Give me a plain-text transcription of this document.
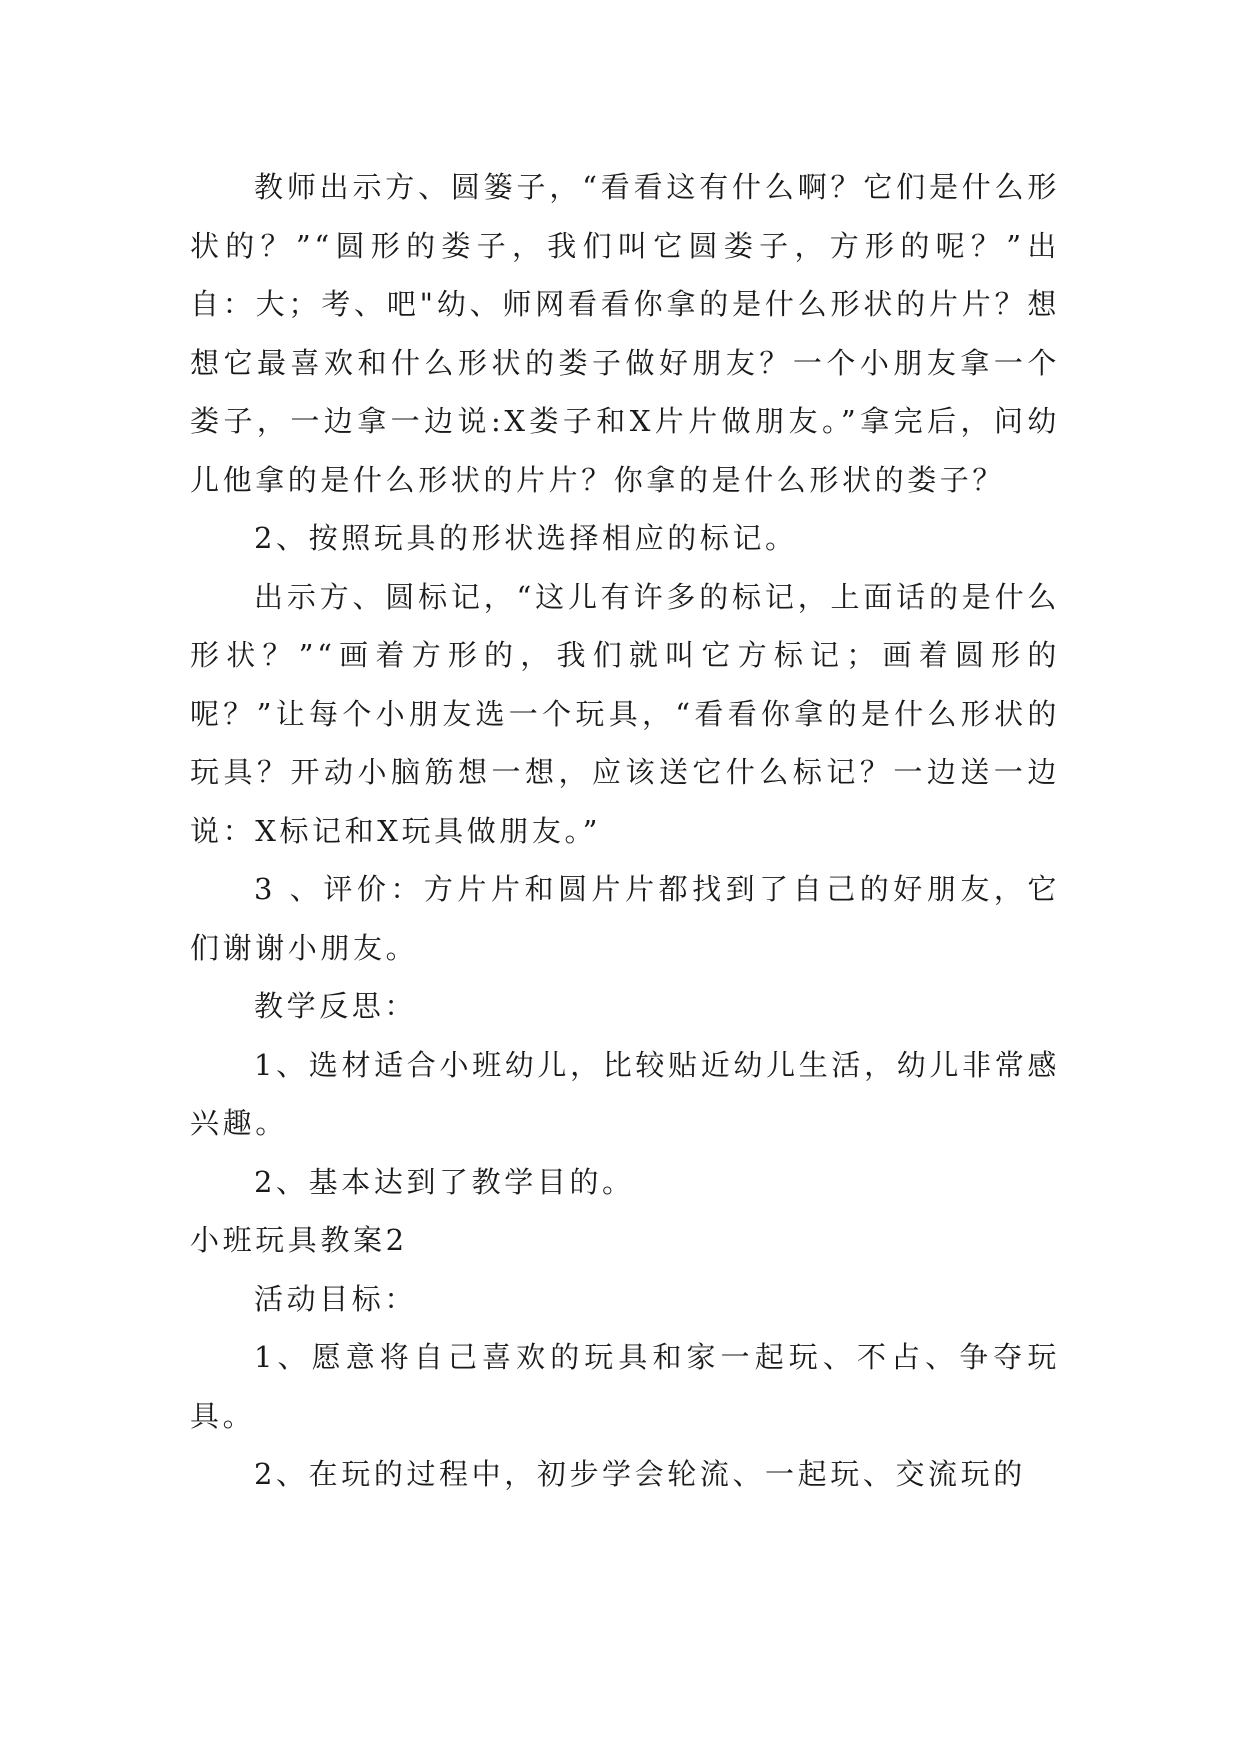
教师出示方、圆篓子，“看看这有什么啊？它们是什么形状的？”“圆形的娄子，我们叫它圆娄子，方形的呢？”出自：大；考、吧"幼、师网看看你拿的是什么形状的片片？想想它最喜欢和什么形状的娄子做好朋友？一个小朋友拿一个娄子，一边拿一边说:X娄子和X片片做朋友。”拿完后，问幼儿他拿的是什么形状的片片？你拿的是什么形状的娄子？

2、按照玩具的形状选择相应的标记。

出示方、圆标记，“这儿有许多的标记，上面话的是什么形状？”“画着方形的，我们就叫它方标记；画着圆形的呢？”让每个小朋友选一个玩具，“看看你拿的是什么形状的玩具？开动小脑筋想一想，应该送它什么标记？一边送一边说：X标记和X玩具做朋友。”

3 、评价：方片片和圆片片都找到了自己的好朋友，它们谢谢小朋友。

教学反思：

1、选材适合小班幼儿，比较贴近幼儿生活，幼儿非常感兴趣。

2、基本达到了教学目的。

小班玩具教案2

活动目标：

1、愿意将自己喜欢的玩具和家一起玩、不占、争夺玩具。

2、在玩的过程中，初步学会轮流、一起玩、交流玩的
